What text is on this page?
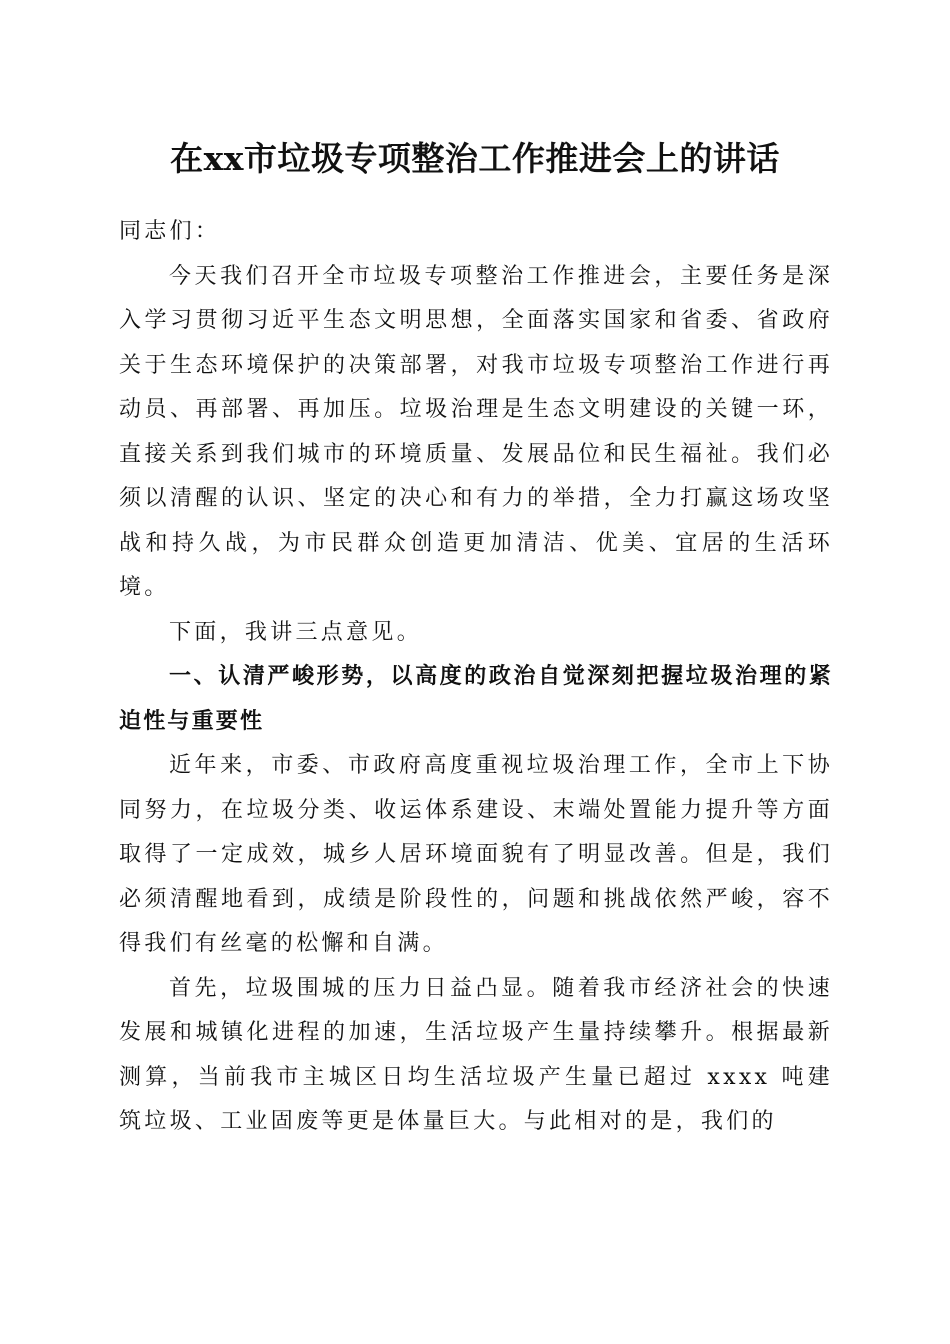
在xx市垃圾专项整治工作推进会上的讲话

同志们：

今天我们召开全市垃圾专项整治工作推进会，主要任务是深入学习贯彻习近平生态文明思想，全面落实国家和省委、省政府关于生态环境保护的决策部署，对我市垃圾专项整治工作进行再动员、再部署、再加压。垃圾治理是生态文明建设的关键一环，直接关系到我们城市的环境质量、发展品位和民生福祉。我们必须以清醒的认识、坚定的决心和有力的举措，全力打赢这场攻坚战和持久战，为市民群众创造更加清洁、优美、宜居的生活环境。

下面，我讲三点意见。

一、认清严峻形势，以高度的政治自觉深刻把握垃圾治理的紧迫性与重要性

近年来，市委、市政府高度重视垃圾治理工作，全市上下协同努力，在垃圾分类、收运体系建设、末端处置能力提升等方面取得了一定成效，城乡人居环境面貌有了明显改善。但是，我们必须清醒地看到，成绩是阶段性的，问题和挑战依然严峻，容不得我们有丝毫的松懈和自满。

首先，垃圾围城的压力日益凸显。随着我市经济社会的快速发展和城镇化进程的加速，生活垃圾产生量持续攀升。根据最新测算，当前我市主城区日均生活垃圾产生量已超过 xxxx 吨建筑垃圾、工业固废等更是体量巨大。与此相对的是，我们的
